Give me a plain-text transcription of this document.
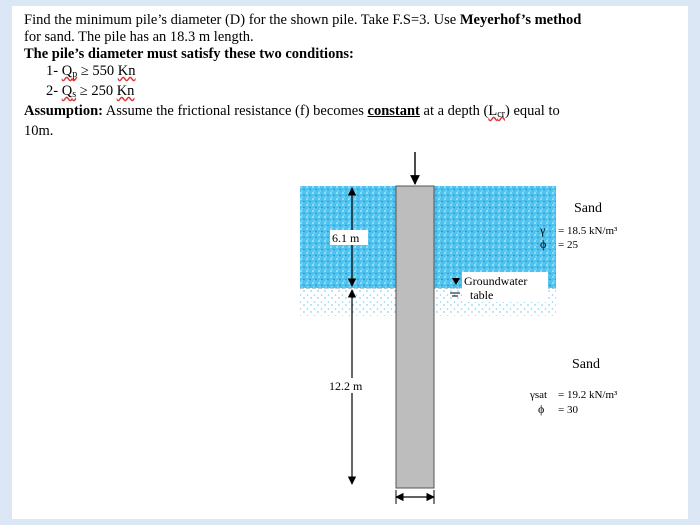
Find the minimum pile’s diameter (D) for the shown pile. Take F.S=3. Use Meyerhof’s method

for sand. The pile has an 18.3 m length.

The pile’s diameter must satisfy these two conditions:

1- $Q_p \ge 550$ Kn

2- $Q_s \ge 250$ Kn

Assumption: Assume the frictional resistance (f) becomes constant at a depth $(L_{cr})$ equal to

10m.

6.1 m
12.2 m
Groundwater
table
Sand
γ = 18.5 kN/m³
ϕ = 25
Sand
γsat = 19.2 kN/m³
ϕ = 30
